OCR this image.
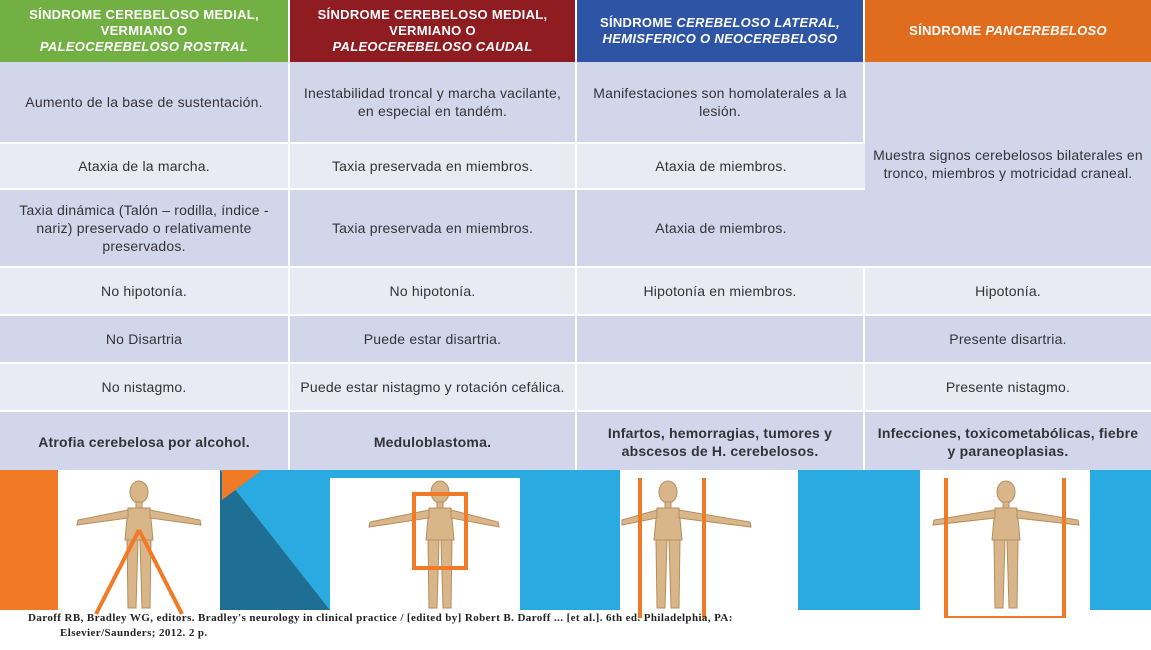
SÍNDROME CEREBELOSO MEDIAL, VERMIANO O
PALEOCEREBELOSO ROSTRAL	SÍNDROME CEREBELOSO MEDIAL, VERMIANO O
PALEOCEREBELOSO CAUDAL	SÍNDROME CEREBELOSO LATERAL, HEMISFERICO O NEOCEREBELOSO	SÍNDROME PANCEREBELOSO
Aumento de la base de sustentación.	Inestabilidad troncal y marcha vacilante, en especial en tandém.	Manifestaciones son homolaterales a la lesión.	Muestra signos cerebelosos bilaterales en tronco, miembros y motricidad craneal.
Ataxia de la marcha.	Taxia preservada en miembros.	Ataxia de miembros.	
Taxia dinámica (Talón – rodilla, índice - nariz) preservado o relativamente preservados.	Taxia preservada en miembros.	Ataxia de miembros.	
No hipotonía.	No hipotonía.	Hipotonía en miembros.	Hipotonía.
No Disartria	Puede estar disartria.		Presente disartria.
No nistagmo.	Puede estar nistagmo y rotación cefálica.		Presente nistagmo.
Atrofia cerebelosa por alcohol.	Meduloblastoma.	Infartos, hemorragias, tumores y abscesos de H. cerebelosos.	Infecciones, toxicometabólicas, fiebre y paraneoplasias.
Daroff RB, Bradley WG, editors. Bradley's neurology in clinical practice / [edited by] Robert B. Daroff ... [et al.]. 6th ed. Philadelphia, PA:
Elsevier/Saunders; 2012. 2 p.
